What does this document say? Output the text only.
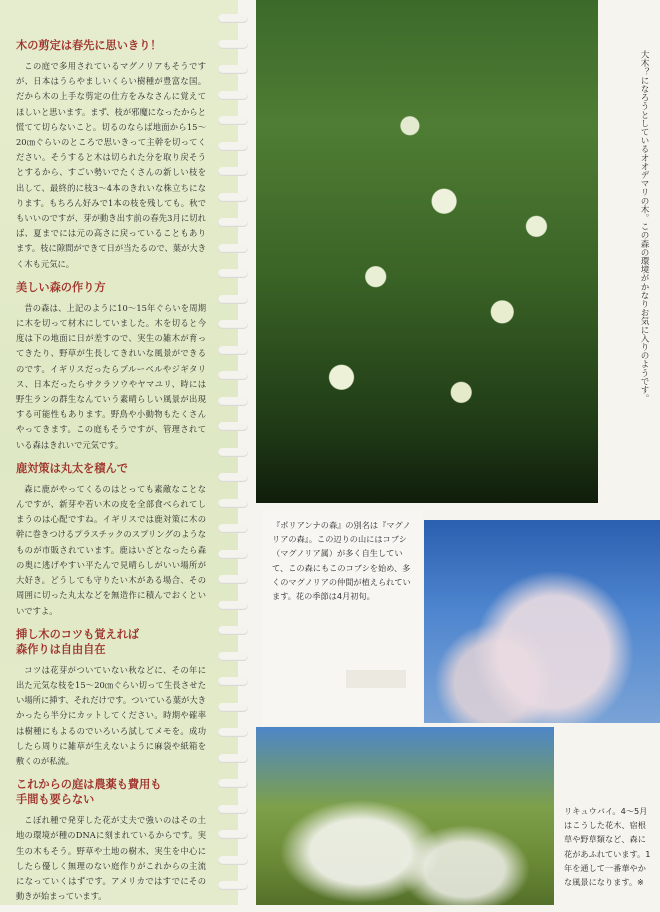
木の剪定は春先に思いきり！

この庭で多用されているマグノリアもそうですが、日本はうらやましいくらい樹種が豊富な国。だから木の上手な剪定の仕方をみなさんに覚えてほしいと思います。まず、枝が邪魔になったからと慌てて切らないこと。切るのならば地面から15〜20㎝ぐらいのところで思いきって主幹を切ってください。そうすると木は切られた分を取り戻そうとするから、すごい勢いでたくさんの新しい枝を出して、最終的に枝3〜4本のきれいな株立ちになります。もちろん好みで1本の枝を残しても。秋でもいいのですが、芽が動き出す前の春先3月に切れば、夏までには元の高さに戻っていることもあります。枝に隙間ができて日が当たるので、葉が大きく木も元気に。

美しい森の作り方

昔の森は、上記のように10〜15年ぐらいを周期に木を切って材木にしていました。木を切ると今度は下の地面に日が差すので、実生の雑木が育ってきたり、野草が生長してきれいな風景ができるのです。イギリスだったらブルーベルやジギタリス、日本だったらサクラソウやヤマユリ、時には野生ランの群生なんていう素晴らしい風景が出現する可能性もあります。野鳥や小動物もたくさんやってきます。この庭もそうですが、管理されている森はきれいで元気です。

鹿対策は丸太を積んで

森に鹿がやってくるのはとっても素敵なことなんですが、新芽や若い木の皮を全部食べられてしまうのは心配ですね。イギリスでは鹿対策に木の幹に巻きつけるプラスチックのスプリングのようなものが市販されています。鹿はいざとなったら森の奥に逃げやすい平たんで見晴らしがいい場所が大好き。どうしても守りたい木がある場合、その周囲に切った丸太などを無造作に積んでおくといいですよ。

挿し木のコツも覚えれば
森作りは自由自在

コツは花芽がついていない秋などに、その年に出た元気な枝を15〜20㎝ぐらい切って生長させたい場所に挿す、それだけです。ついている葉が大きかったら半分にカットしてください。時期や確率は樹種にもよるのでいろいろ試してメモを。成功したら周りに雑草が生えないように麻袋や紙箱を敷くのが私流。

これからの庭は農薬も費用も
手間も要らない

こぼれ種で発芽した花が丈夫で強いのはその土地の環境が種のDNAに刻まれているからです。実生の木もそう。野草や土地の樹木、実生を中心にしたら優しく無理のない庭作りがこれからの主流になっていくはずです。アメリカではすでにその動きが始まっています。

大木？になろうとしているオオデマリの木。この森の環境がかなりお気に入りのようです。
『ポリアンナの森』の別名は『マグノリアの森』。この辺りの山にはコブシ（マグノリア属）が多く自生していて、この森にもこのコブシを始め、多くのマグノリアの仲間が植えられています。花の季節は4月初旬。
リキュウバイ。4〜5月はこうした花木、宿根草や野草類など、森に花があふれています。1年を通して一番華やかな風景になります。※
